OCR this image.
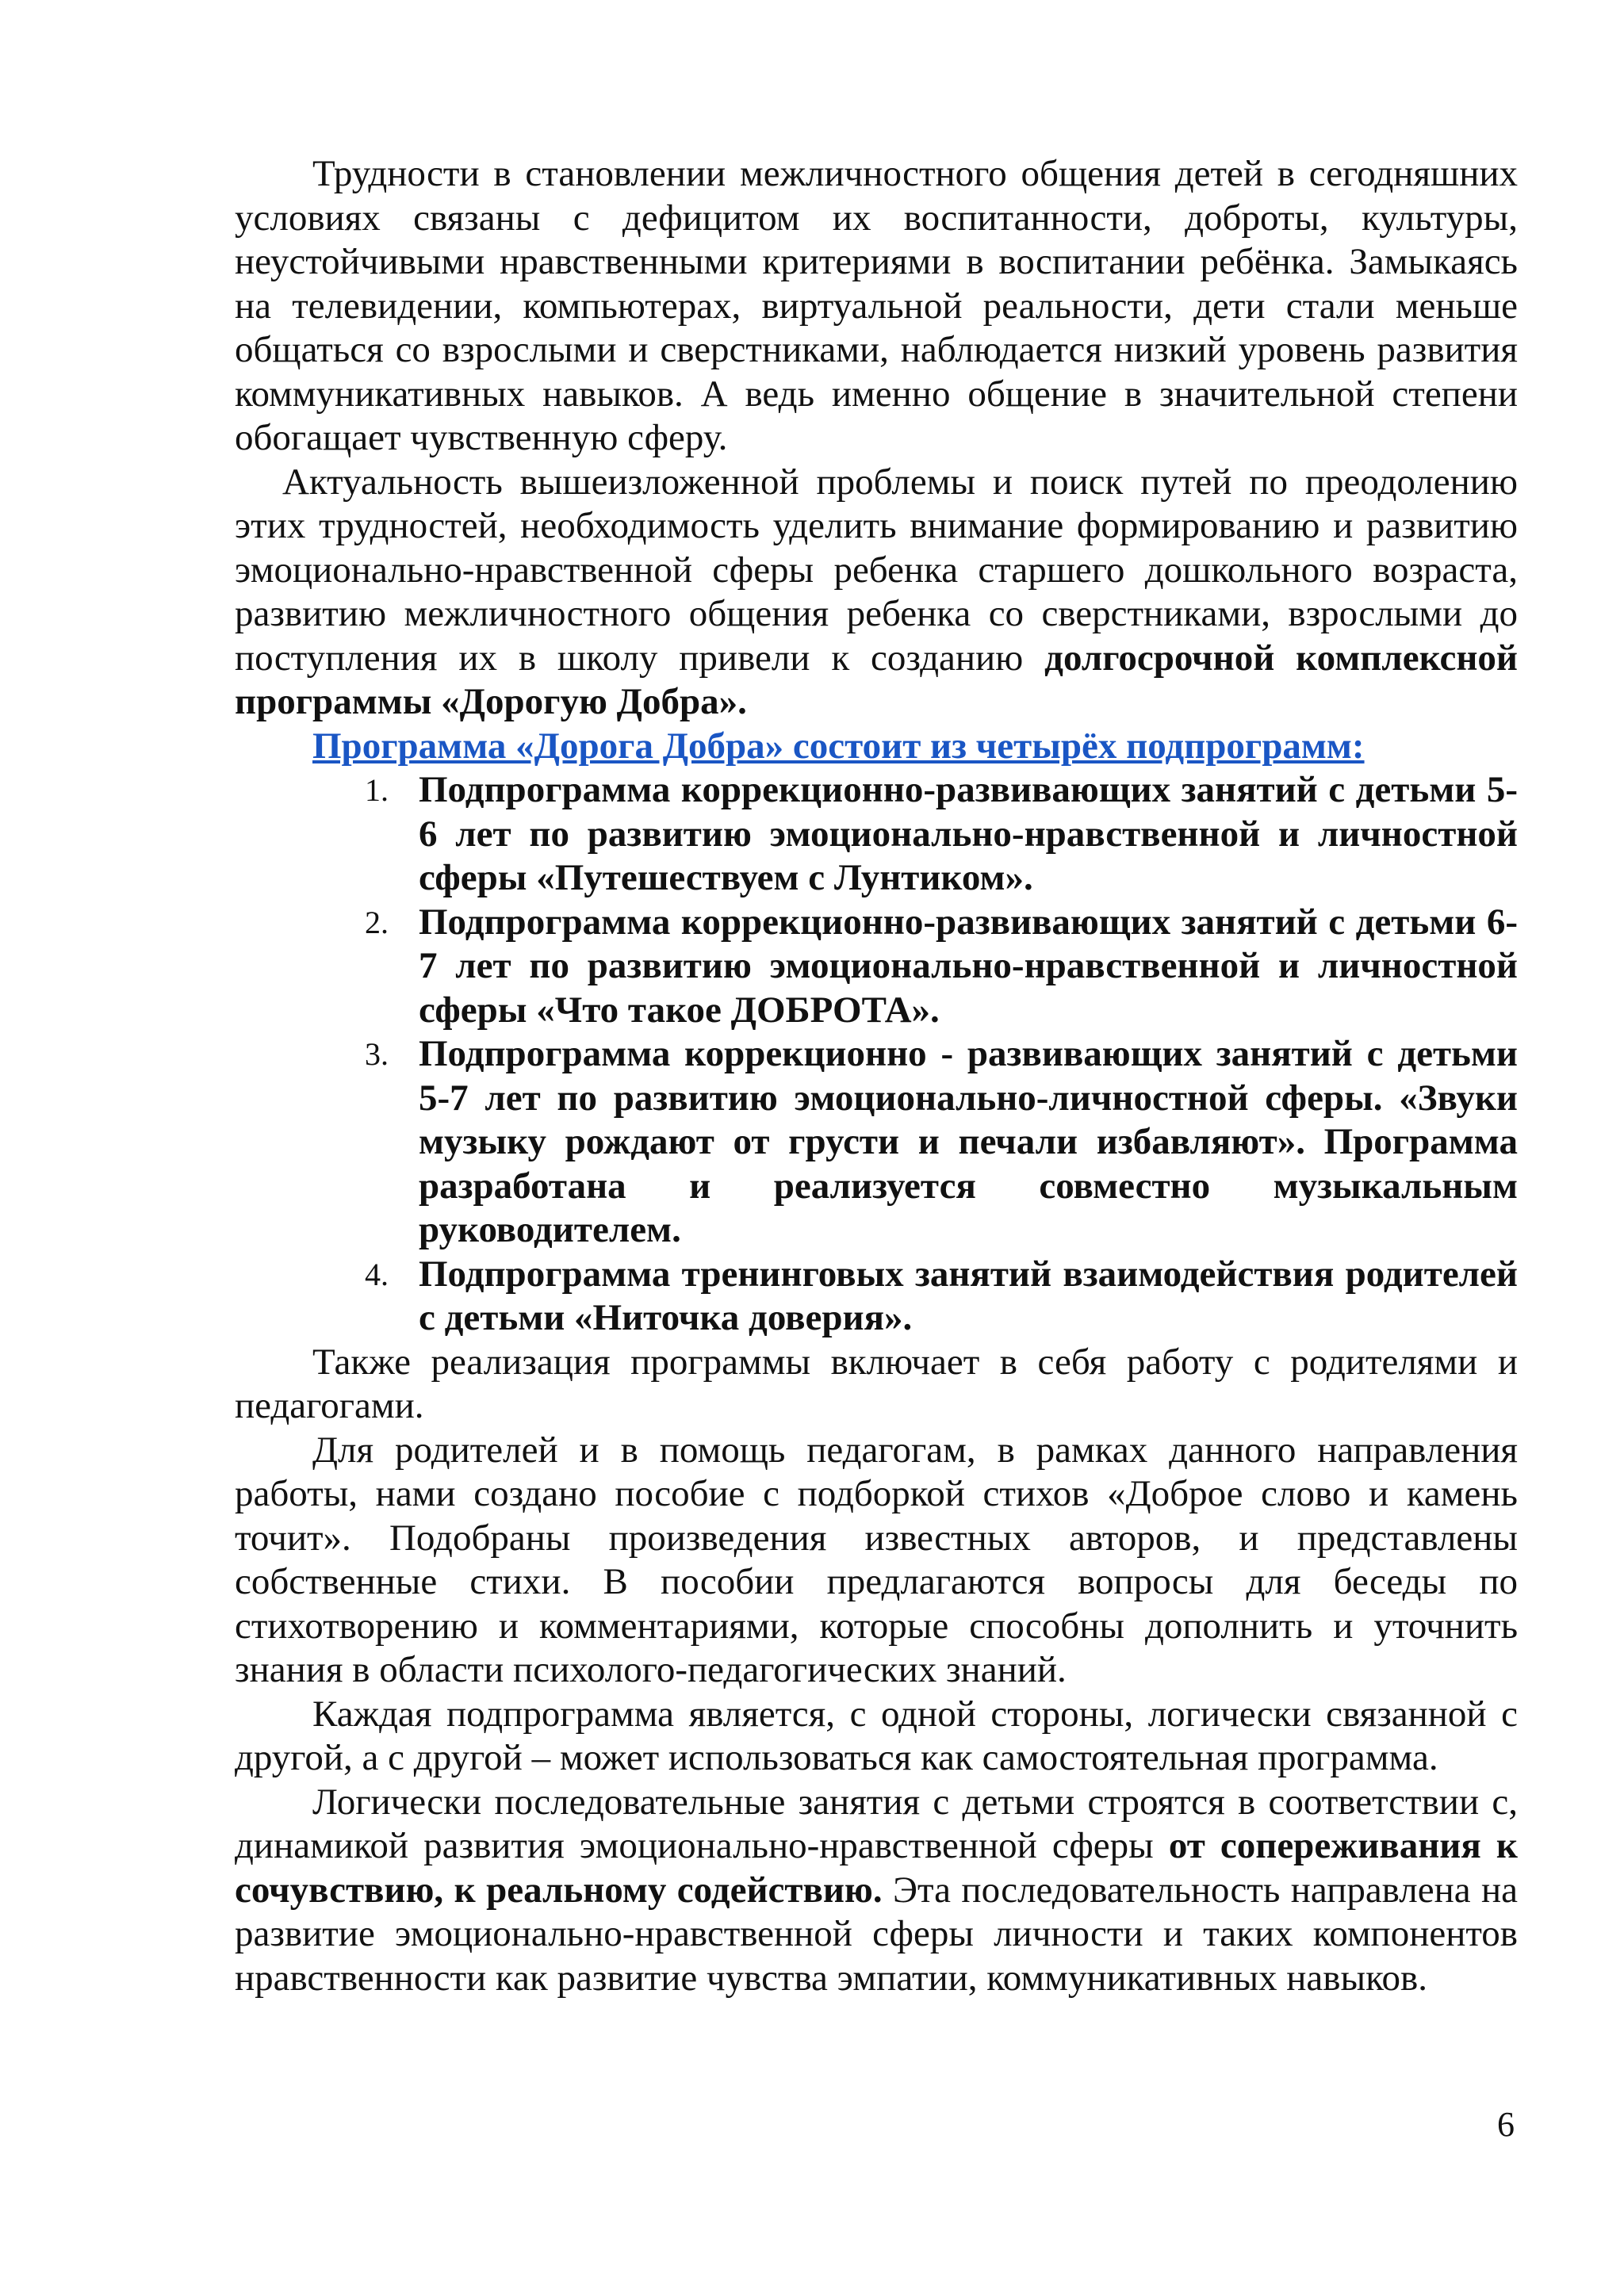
Трудности в становлении межличностного общения детей в сегодняшних условиях связаны с дефицитом их воспитанности, доброты, культуры, неустойчивыми нравственными критериями в воспитании ребёнка. Замыкаясь на телевидении, компьютерах, виртуальной реальности, дети стали меньше общаться со взрослыми и сверстниками, наблюдается низкий уровень развития коммуникативных навыков. А ведь именно общение в значительной степени обогащает чувственную сферу.

Актуальность вышеизложенной проблемы и поиск путей по преодолению этих трудностей, необходимость уделить внимание формированию и развитию эмоционально-нравственной сферы ребенка старшего дошкольного возраста, развитию межличностного общения ребенка со сверстниками, взрослыми до поступления их в школу привели к созданию долгосрочной комплексной программы «Дорогую Добра».

Программа «Дорога Добра» состоит из четырёх подпрограмм:

1. Подпрограмма коррекционно-развивающих занятий с детьми 5-6 лет по развитию эмоционально-нравственной и личностной сферы «Путешествуем с Лунтиком».
2. Подпрограмма коррекционно-развивающих занятий с детьми 6-7 лет по развитию эмоционально-нравственной и личностной сферы «Что такое ДОБРОТА».
3. Подпрограмма коррекционно - развивающих занятий с детьми 5-7 лет по развитию эмоционально-личностной сферы. «Звуки музыку рождают от грусти и печали избавляют». Программа разработана и реализуется совместно музыкальным руководителем.
4. Подпрограмма тренинговых занятий взаимодействия родителей с детьми «Ниточка доверия».

Также реализация программы включает в себя работу с родителями и педагогами.

Для родителей и в помощь педагогам, в рамках данного направления работы, нами создано пособие с подборкой стихов «Доброе слово и камень точит». Подобраны произведения известных авторов, и представлены собственные стихи. В пособии предлагаются вопросы для беседы по стихотворению и комментариями, которые способны дополнить и уточнить знания в области психолого-педагогических знаний.

Каждая подпрограмма является, с одной стороны, логически связанной с другой, а с другой – может использоваться как самостоятельная программа.

Логически последовательные занятия с детьми строятся в соответствии с, динамикой развития эмоционально-нравственной сферы от сопереживания к сочувствию, к реальному содействию. Эта последовательность направлена на развитие эмоционально-нравственной сферы личности и таких компонентов нравственности как развитие чувства эмпатии, коммуникативных навыков.

6
